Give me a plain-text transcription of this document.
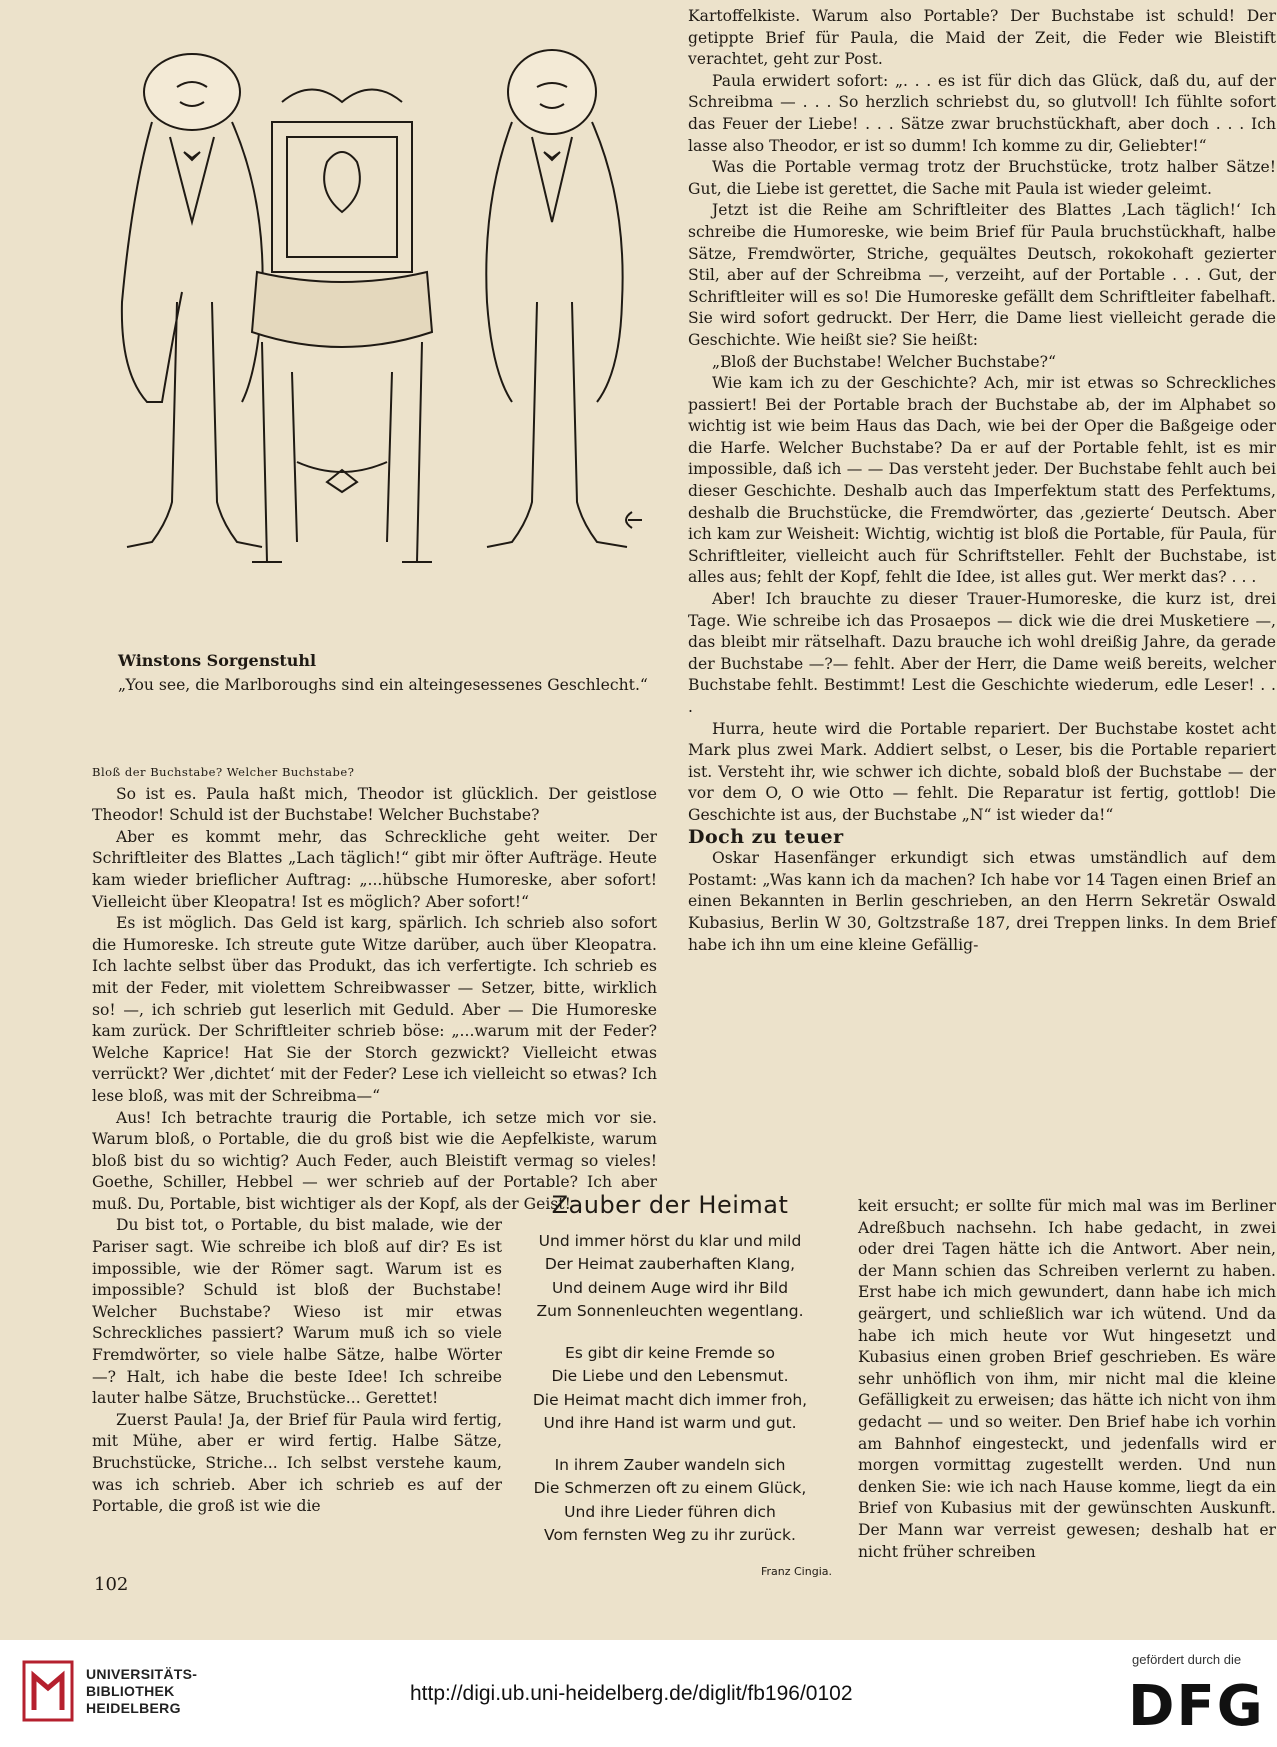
Winstons Sorgenstuhl
„You see, die Marlboroughs sind ein alteingesessenes Geschlecht.“

Bloß der Buchstabe? Welcher Buchstabe?

So ist es. Paula haßt mich, Theodor ist glücklich. Der geistlose Theodor! Schuld ist der Buchstabe! Welcher Buchstabe?

Aber es kommt mehr, das Schreckliche geht weiter. Der Schriftleiter des Blattes „Lach täglich!“ gibt mir öfter Aufträge. Heute kam wieder brieflicher Auftrag: „...hübsche Humoreske, aber sofort! Vielleicht über Kleopatra! Ist es möglich? Aber sofort!“

Es ist möglich. Das Geld ist karg, spärlich. Ich schrieb also sofort die Humoreske. Ich streute gute Witze darüber, auch über Kleopatra. Ich lachte selbst über das Produkt, das ich verfertigte. Ich schrieb es mit der Feder, mit violettem Schreibwasser — Setzer, bitte, wirklich so! —, ich schrieb gut leserlich mit Geduld. Aber — Die Humoreske kam zurück. Der Schriftleiter schrieb böse: „...warum mit der Feder? Welche Kaprice! Hat Sie der Storch gezwickt? Vielleicht etwas verrückt? Wer ,dichtet‘ mit der Feder? Lese ich vielleicht so etwas? Ich lese bloß, was mit der Schreibma—“

Aus! Ich betrachte traurig die Portable, ich setze mich vor sie. Warum bloß, o Portable, die du groß bist wie die Aepfelkiste, warum bloß bist du so wichtig? Auch Feder, auch Bleistift vermag so vieles! Goethe, Schiller, Hebbel — wer schrieb auf der Portable? Ich aber muß. Du, Portable, bist wichtiger als der Kopf, als der Geist!

Du bist tot, o Portable, du bist malade, wie der Pariser sagt. Wie schreibe ich bloß auf dir? Es ist impossible, wie der Römer sagt. Warum ist es impossible? Schuld ist bloß der Buchstabe! Welcher Buchstabe? Wieso ist mir etwas Schreckliches passiert? Warum muß ich so viele Fremdwörter, so viele halbe Sätze, halbe Wörter —? Halt, ich habe die beste Idee! Ich schreibe lauter halbe Sätze, Bruchstücke... Gerettet!

Zuerst Paula! Ja, der Brief für Paula wird fertig, mit Mühe, aber er wird fertig. Halbe Sätze, Bruchstücke, Striche... Ich selbst verstehe kaum, was ich schrieb. Aber ich schrieb es auf der Portable, die groß ist wie die

Kartoffelkiste. Warum also Portable? Der Buchstabe ist schuld! Der getippte Brief für Paula, die Maid der Zeit, die Feder wie Bleistift verachtet, geht zur Post.

Paula erwidert sofort: „. . . es ist für dich das Glück, daß du, auf der Schreibma — . . . So herzlich schriebst du, so glutvoll! Ich fühlte sofort das Feuer der Liebe! . . . Sätze zwar bruchstückhaft, aber doch . . . Ich lasse also Theodor, er ist so dumm! Ich komme zu dir, Geliebter!“

Was die Portable vermag trotz der Bruchstücke, trotz halber Sätze! Gut, die Liebe ist gerettet, die Sache mit Paula ist wieder geleimt.

Jetzt ist die Reihe am Schriftleiter des Blattes ,Lach täglich!‘ Ich schreibe die Humoreske, wie beim Brief für Paula bruchstückhaft, halbe Sätze, Fremdwörter, Striche, gequältes Deutsch, rokokohaft gezierter Stil, aber auf der Schreibma —, verzeiht, auf der Portable . . . Gut, der Schriftleiter will es so! Die Humoreske gefällt dem Schriftleiter fabelhaft. Sie wird sofort gedruckt. Der Herr, die Dame liest vielleicht gerade die Geschichte. Wie heißt sie? Sie heißt:

„Bloß der Buchstabe! Welcher Buchstabe?“

Wie kam ich zu der Geschichte? Ach, mir ist etwas so Schreckliches passiert! Bei der Portable brach der Buchstabe ab, der im Alphabet so wichtig ist wie beim Haus das Dach, wie bei der Oper die Baßgeige oder die Harfe. Welcher Buchstabe? Da er auf der Portable fehlt, ist es mir impossible, daß ich — — Das versteht jeder. Der Buchstabe fehlt auch bei dieser Geschichte. Deshalb auch das Imperfektum statt des Perfektums, deshalb die Bruchstücke, die Fremdwörter, das ,gezierte‘ Deutsch. Aber ich kam zur Weisheit: Wichtig, wichtig ist bloß die Portable, für Paula, für Schriftleiter, vielleicht auch für Schriftsteller. Fehlt der Buchstabe, ist alles aus; fehlt der Kopf, fehlt die Idee, ist alles gut. Wer merkt das? . . .

Aber! Ich brauchte zu dieser Trauer-Humoreske, die kurz ist, drei Tage. Wie schreibe ich das Prosaepos — dick wie die drei Musketiere —, das bleibt mir rätselhaft. Dazu brauche ich wohl dreißig Jahre, da gerade der Buchstabe —?— fehlt. Aber der Herr, die Dame weiß bereits, welcher Buchstabe fehlt. Bestimmt! Lest die Geschichte wiederum, edle Leser! . . .

Hurra, heute wird die Portable repariert. Der Buchstabe kostet acht Mark plus zwei Mark. Addiert selbst, o Leser, bis die Portable repariert ist. Versteht ihr, wie schwer ich dichte, sobald bloß der Buchstabe — der vor dem O, O wie Otto — fehlt. Die Reparatur ist fertig, gottlob! Die Geschichte ist aus, der Buchstabe „N“ ist wieder da!“

Doch zu teuer

Oskar Hasenfänger erkundigt sich etwas umständlich auf dem Postamt: „Was kann ich da machen? Ich habe vor 14 Tagen einen Brief an einen Bekannten in Berlin geschrieben, an den Herrn Sekretär Oswald Kubasius, Berlin W 30, Goltzstraße 187, drei Treppen links. In dem Brief habe ich ihn um eine kleine Gefällig-

Zauber der Heimat
Und immer hörst du klar und mild
Der Heimat zauberhaften Klang,
Und deinem Auge wird ihr Bild
Zum Sonnenleuchten wegentlang.
Es gibt dir keine Fremde so
Die Liebe und den Lebensmut.
Die Heimat macht dich immer froh,
Und ihre Hand ist warm und gut.
In ihrem Zauber wandeln sich
Die Schmerzen oft zu einem Glück,
Und ihre Lieder führen dich
Vom fernsten Weg zu ihr zurück.
Franz Cingia.

keit ersucht; er sollte für mich mal was im Berliner Adreßbuch nachsehn. Ich habe gedacht, in zwei oder drei Tagen hätte ich die Antwort. Aber nein, der Mann schien das Schreiben verlernt zu haben. Erst habe ich mich gewundert, dann habe ich mich geärgert, und schließlich war ich wütend. Und da habe ich mich heute vor Wut hingesetzt und Kubasius einen groben Brief geschrieben. Es wäre sehr unhöflich von ihm, mir nicht mal die kleine Gefälligkeit zu erweisen; das hätte ich nicht von ihm gedacht — und so weiter. Den Brief habe ich vorhin am Bahnhof eingesteckt, und jedenfalls wird er morgen vormittag zugestellt werden. Und nun denken Sie: wie ich nach Hause komme, liegt da ein Brief von Kubasius mit der gewünschten Auskunft. Der Mann war verreist gewesen; deshalb hat er nicht früher schreiben

102
UNIVERSITÄTS-
BIBLIOTHEK
HEIDELBERG
http://digi.ub.uni-heidelberg.de/diglit/fb196/0102
gefördert durch die
DFG
